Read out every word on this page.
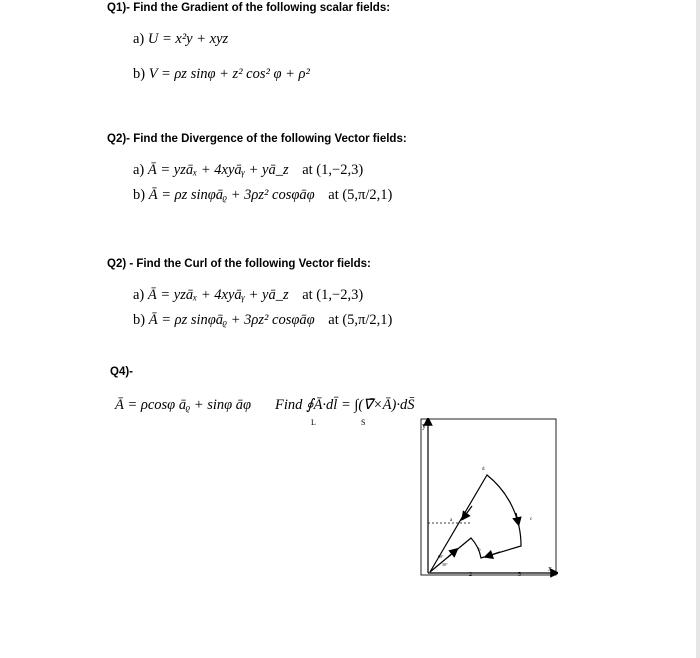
Q1)- Find the Gradient of the following scalar fields:
a) U = x²y + xyz
b) V = ρz sinφ + z² cos² φ + ρ²
Q2)- Find the Divergence of the following Vector fields:
a) Ā = yzāₓ + 4xyāᵧ + yā_z at (1,−2,3)
b) Ā = ρz sinφāᵨ + 3ρz² cosφāφ at (5,π/2,1)
Q2) - Find the Curl of the following Vector fields:
a) Ā = yzāₓ + 4xyāᵧ + yā_z at (1,−2,3)
b) Ā = ρz sinφāᵨ + 3ρz² cosφāφ at (5,π/2,1)
Q4)-
Ā = ρcosφ āᵨ + sinφ āφ Find ∮Ā·dl̄ = ∫(∇̄×Ā)·dS̄
L	S	y
x
2	5
a
b
c
d
60°
30°
